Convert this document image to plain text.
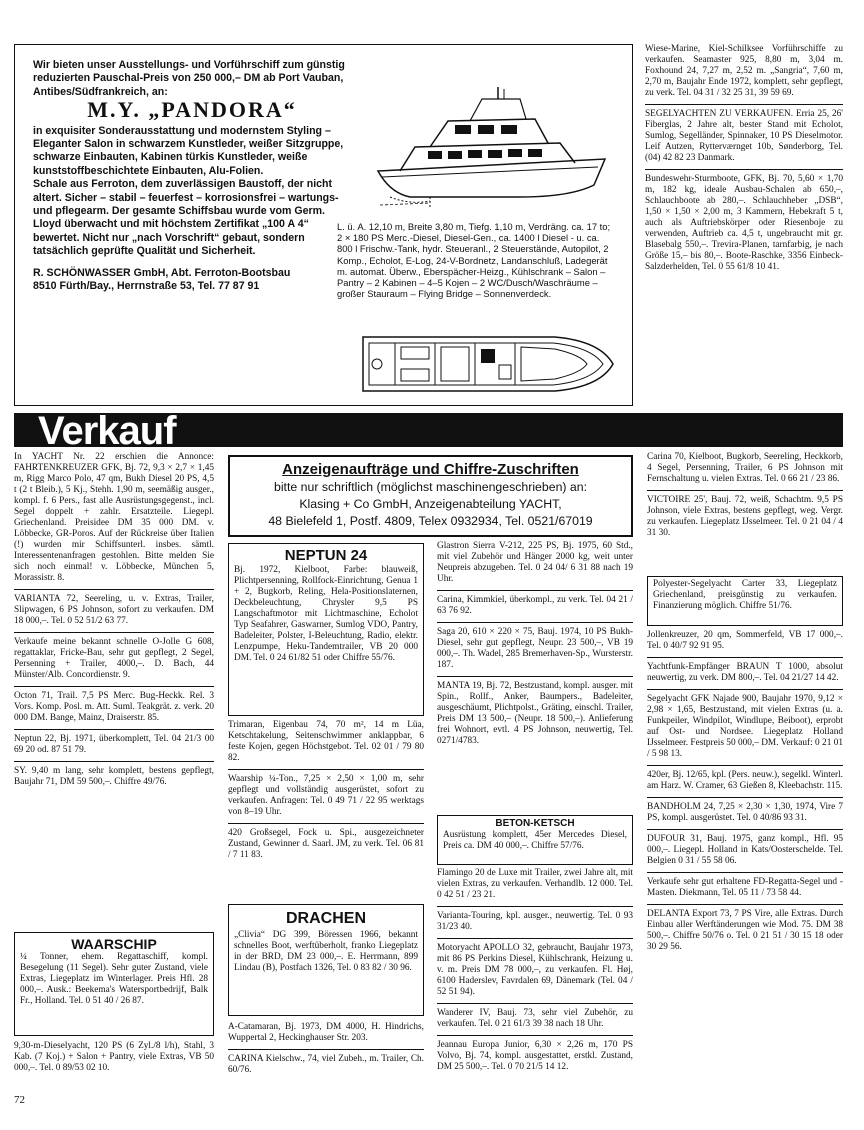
Wir bieten unser Ausstellungs- und Vorführschiff zum günstig reduzierten Pauschal-Preis von 250 000,– DM ab Port Vauban, Antibes/Südfrankreich, an:

M.Y. „PANDORA“

in exquisiter Sonderausstattung und modernstem Styling – Eleganter Salon in schwarzem Kunstleder, weißer Sitzgruppe, schwarze Einbauten, Kabinen türkis Kunstleder, weiße kunststoffbeschichtete Einbauten, Alu-Folien.

Schale aus Ferroton, dem zuverlässigen Baustoff, der nicht altert. Sicher – stabil – feuerfest – korrosionsfrei – wartungs- und pflegearm. Der gesamte Schiffsbau wurde vom Germ. Lloyd überwacht und mit höchstem Zertifikat „100 A 4“ bewertet. Nicht nur „nach Vorschrift“ gebaut, sondern tatsächlich geprüfte Qualität und Sicherheit.

R. SCHÖNWASSER GmbH, Abt. Ferroton-Bootsbau

8510 Fürth/Bay., Herrnstraße 53, Tel. 77 87 91

L. ü. A. 12,10 m, Breite 3,80 m, Tiefg. 1,10 m, Verdräng. ca. 17 to; 2 × 180 PS Merc.-Diesel, Diesel-Gen., ca. 1400 l Diesel - u. ca. 800 l Frischw.-Tank, hydr. Steueranl., 2 Steuerstände, Autopilot, 2 Komp., Echolot, E-Log, 24-V-Bordnetz, Landanschluß, Ladegerät m. automat. Überw., Eberspächer-Heizg., Kühlschrank – Salon – Pantry – 2 Kabinen – 4–5 Kojen – 2 WC/Dusch/Waschräume – großer Stauraum – Flying Bridge – Sonnenverdeck.

Wiese-Marine, Kiel-Schilksee Vorführschiffe zu verkaufen. Seamaster 925, 8,80 m, 3,04 m. Foxhound 24, 7,27 m, 2,52 m. „Sangria“, 7,60 m, 2,70 m, Baujahr Ende 1972, komplett, sehr gepflegt, zu verk. Tel. 04 31 / 32 25 31, 39 59 69.

SEGELYACHTEN ZU VERKAUFEN. Erria 25, 26' Fiberglas, 2 Jahre alt, bester Stand mit Echolot, Sumlog, Segelländer, Spinnaker, 10 PS Dieselmotor. Leif Autzen, Rytterværnget 10b, Sønderborg, Tel. (04) 42 82 23 Danmark.

Bundeswehr-Sturmboote, GFK, Bj. 70, 5,60 × 1,70 m, 182 kg, ideale Ausbau-Schalen ab 650,–, Schlauchboote ab 280,–. Schlauchheber „DSB“, 1,50 × 1,50 × 2,00 m, 3 Kammern, Hebekraft 5 t, auch als Auftriebskörper oder Riesenboje zu verwenden, Auftrieb ca. 4,5 t, ungebraucht mit gr. Blasebalg 550,–. Trevira-Planen, tarnfarbig, je nach Größe 15,– bis 80,–. Boote-Raschke, 3356 Einbeck-Salzderhelden, Tel. 0 55 61/8 10 41.

Verkauf

In YACHT Nr. 22 erschien die Annonce: FAHRTENKREUZER GFK, Bj. 72, 9,3 × 2,7 × 1,45 m, Rigg Marco Polo, 47 qm, Bukh Diesel 20 PS, 4,5 t (2 t Bleib.), 5 Kj., Stehh. 1,90 m, seemäßig ausger., kompl. f. 6 Pers., fast alle Ausrüstungsgegenst., incl. Segel doppelt + zahlr. Ersatzteile. Liegepl. Griechenland. Preisidee DM 35 000 DM. v. Löbbecke, GR-Poros. Auf der Rückreise über Italien (!) wurden mir Schiffsunterl. insbes. sämtl. Interessentenanfragen gestohlen. Bitte melden Sie sich noch einmal! v. Löbbecke, München 5, Morassistr. 8.

VARIANTA 72, Seereling, u. v. Extras, Trailer, Slipwagen, 6 PS Johnson, sofort zu verkaufen. DM 18 000,–. Tel. 0 52 51/2 63 77.

Verkaufe meine bekannt schnelle O-Jolle G 608, regattaklar, Fricke-Bau, sehr gut gepflegt, 2 Segel, Persenning + Trailer, 4000,–. D. Bach, 44 Münster/Alb. Concordienstr. 9.

Octon 71, Trail. 7,5 PS Merc. Bug-Heckk. Rel. 3 Vors. Komp. Posl. m. Att. Suml. Teakgrät. z. verk. 20 000 DM. Bange, Mainz, Draiserstr. 85.

Neptun 22, Bj. 1971, überkomplett, Tel. 04 21/3 00 69 20 od. 87 51 79.

SY. 9,40 m lang, sehr komplett, bestens gepflegt, Baujahr 71, DM 59 500,–. Chiffre 49/76.

WAARSCHIP
¼ Tonner, ehem. Regattaschiff, kompl. Besegelung (11 Segel). Sehr guter Zustand, viele Extras, Liegeplatz im Winterlager. Preis Hfl. 28 000,–. Ausk.: Beekema's Watersportbedrijf, Balk Fr., Holland. Tel. 0 51 40 / 26 87.

9,30-m-Dieselyacht, 120 PS (6 Zyl./8 l/h), Stahl, 3 Kab. (7 Koj.) + Salon + Pantry, viele Extras, VB 50 000,–. Tel. 0 89/53 02 10.

72
Anzeigenaufträge und Chiffre-Zuschriften
bitte nur schriftlich (möglichst maschinengeschrieben) an:
Klasing + Co GmbH, Anzeigenabteilung YACHT,
48 Bielefeld 1, Postf. 4809, Telex 0932934, Tel. 0521/67019
NEPTUN 24
Bj. 1972, Kielboot, Farbe: blauweiß, Plichtpersenning, Rollfock-Einrichtung, Genua 1 + 2, Bugkorb, Reling, Hela-Positionslaternen, Deckbeleuchtung, Chrysler 9,5 PS Langschaftmotor mit Lichtmaschine, Echolot Typ Seafahrer, Gaswarner, Sumlog VDO, Pantry, Badeleiter, Polster, I-Beleuchtung, Radio, elektr. Lenzpumpe, Heku-Tandemtrailer, VB 20 000 DM. Tel. 0 24 61/82 51 oder Chiffre 55/76.

Trimaran, Eigenbau 74, 70 m², 14 m Lüa, Ketschtakelung, Seitenschwimmer anklappbar, 6 feste Kojen, gegen Höchstgebot. Tel. 02 01 / 79 80 82.

Waarship ¼-Ton., 7,25 × 2,50 × 1,00 m, sehr gepflegt und vollständig ausgerüstet, sofort zu verkaufen. Anfragen: Tel. 0 49 71 / 22 95 werktags von 8–19 Uhr.

420 Großsegel, Fock u. Spi., ausgezeichneter Zustand, Gewinner d. Saarl. JM, zu verk. Tel. 06 81 / 7 11 83.

DRACHEN
„Clivia“ DG 399, Böressen 1966, bekannt schnelles Boot, werftüberholt, franko Liegeplatz in der BRD, DM 23 000,–. E. Herrmann, 899 Lindau (B), Postfach 1326, Tel. 0 83 82 / 30 96.

A-Catamaran, Bj. 1973, DM 4000, H. Hindrichs, Wuppertal 2, Heckinghauser Str. 203.

CARINA Kielschw., 74, viel Zubeh., m. Trailer, Ch. 60/76.

Glastron Sierra V-212, 225 PS, Bj. 1975, 60 Std., mit viel Zubehör und Hänger 2000 kg, weit unter Neupreis abzugeben. Tel. 0 24 04/ 6 31 88 nach 19 Uhr.

Carina, Kimmkiel, überkompl., zu verk. Tel. 04 21 / 63 76 92.

Saga 20, 610 × 220 × 75, Bauj. 1974, 10 PS Bukh-Diesel, sehr gut gepflegt, Neupr. 23 500,–, VB 19 000,–. Th. Wadel, 285 Bremerhaven-Sp., Wursterstr. 187.

MANTA 19, Bj. 72, Bestzustand, kompl. ausger. mit Spin., Rollf., Anker, Baumpers., Badeleiter, ausgeschäumt, Plichtpolst., Gräting, einschl. Trailer, Preis DM 13 500,– (Neupr. 18 500,–). Anlieferung frei Wohnort, evtl. 4 PS Johnson, neuwertig, Tel. 0271/4783.

BETON-KETSCH
Ausrüstung komplett, 45er Mercedes Diesel, Preis ca. DM 40 000,–. Chiffre 57/76.

Flamingo 20 de Luxe mit Trailer, zwei Jahre alt, mit vielen Extras, zu verkaufen. Verhandlb. 12 000. Tel. 0 42 51 / 23 21.

Varianta-Touring, kpl. ausger., neuwertig. Tel. 0 93 31/23 40.

Motoryacht APOLLO 32, gebraucht, Baujahr 1973, mit 86 PS Perkins Diesel, Kühlschrank, Heizung u. v. m. Preis DM 78 000,–, zu verkaufen. Fl. Høj, 6100 Haderslev, Favrdalen 69, Dänemark (Tel. 04 / 52 51 94).

Wanderer IV, Bauj. 73, sehr viel Zubehör, zu verkaufen. Tel. 0 21 61/3 39 38 nach 18 Uhr.

Jeannau Europa Junior, 6,30 × 2,26 m, 170 PS Volvo, Bj. 74, kompl. ausgestattet, erstkl. Zustand, DM 25 500,–. Tel. 0 70 21/5 14 12.

Carina 70, Kielboot, Bugkorb, Seereling, Heckkorb, 4 Segel, Persenning, Trailer, 6 PS Johnson mit Fernschaltung u. vielen Extras. Tel. 0 66 21 / 23 86.

VICTOIRE 25', Bauj. 72, weiß, Schachtm. 9,5 PS Johnson, viele Extras, bestens gepflegt, weg. Vergr. zu verkaufen. Liegeplatz IJsselmeer. Tel. 0 21 04 / 4 31 30.

Polyester-Segelyacht Carter 33, Liegeplatz Griechenland, preisgünstig zu verkaufen. Finanzierung möglich. Chiffre 51/76.

Jollenkreuzer, 20 qm, Sommerfeld, VB 17 000,–. Tel. 0 40/7 92 91 95.

Yachtfunk-Empfänger BRAUN T 1000, absolut neuwertig, zu verk. DM 800,–. Tel. 04 21/27 14 42.

Segelyacht GFK Najade 900, Baujahr 1970, 9,12 × 2,98 × 1,65, Bestzustand, mit vielen Extras (u. a. Funkpeiler, Windpilot, Windlupe, Beiboot), erprobt auf Ost- und Nordsee. Liegeplatz Holland IJsselmeer. Festpreis 50 000,– DM. Verkauf: 0 21 01 / 5 98 13.

420er, Bj. 12/65, kpl. (Pers. neuw.), segelkl. Winterl. am Harz. W. Cramer, 63 Gießen 8, Kleebachstr. 115.

BANDHOLM 24, 7,25 × 2,30 × 1,30, 1974, Vire 7 PS, kompl. ausgerüstet. Tel. 0 40/86 93 31.

DUFOUR 31, Bauj. 1975, ganz kompl., Hfl. 95 000,–. Liegepl. Holland in Kats/Oosterschelde. Tel. Belgien 0 31 / 55 58 06.

Verkaufe sehr gut erhaltene FD-Regatta-Segel und -Masten. Diekmann, Tel. 05 11 / 73 58 44.

DELANTA Export 73, 7 PS Vire, alle Extras. Durch Einbau aller Werftänderungen wie Mod. 75. DM 38 500,–. Chiffre 50/76 o. Tel. 0 21 51 / 30 15 18 oder 30 29 56.
